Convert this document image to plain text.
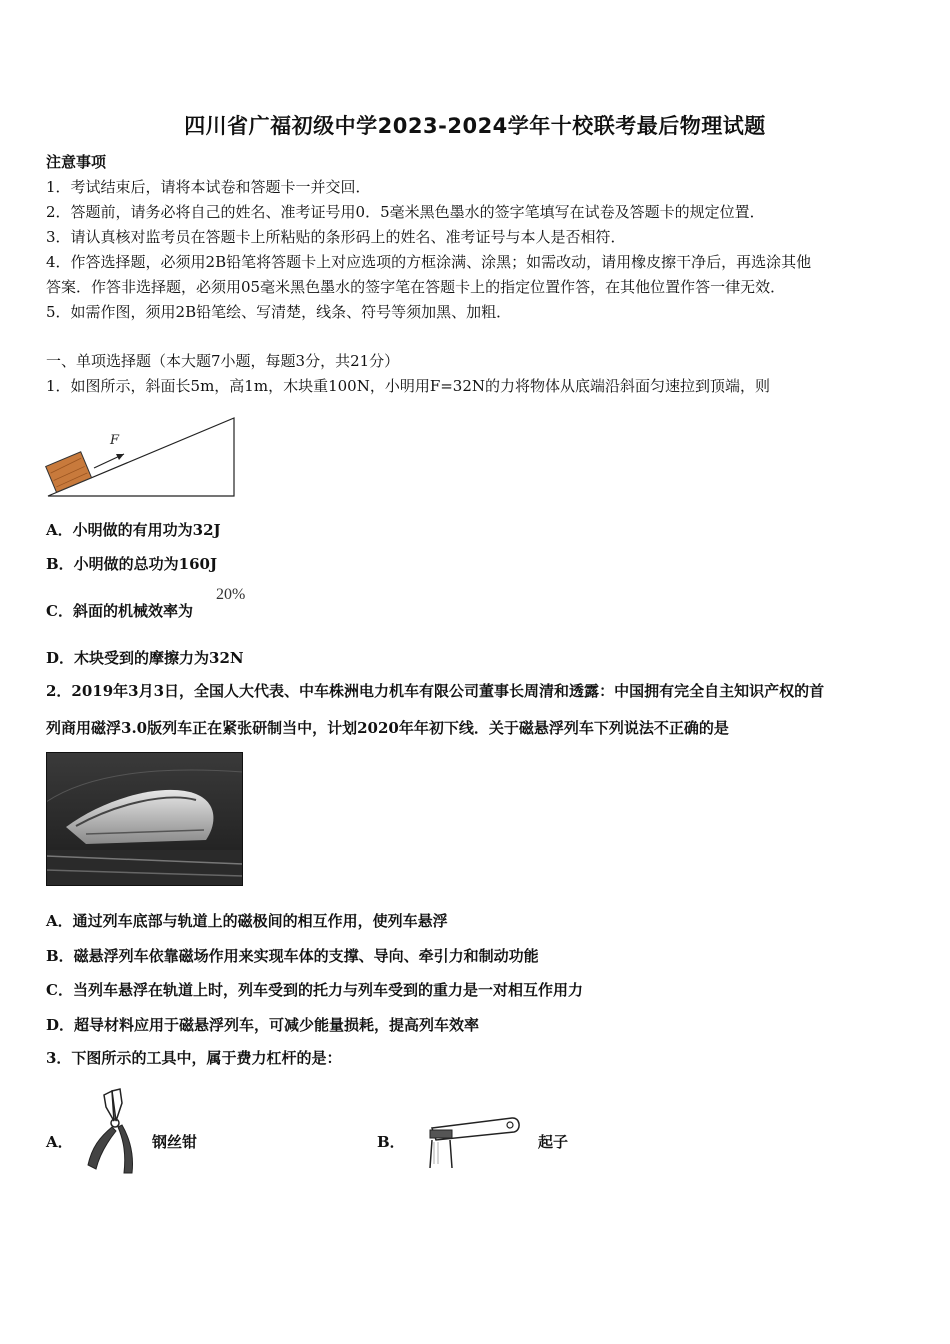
四川省广福初级中学2023-2024学年十校联考最后物理试题
注意事项
1．考试结束后，请将本试卷和答题卡一并交回．
2．答题前，请务必将自己的姓名、准考证号用0．5毫米黑色墨水的签字笔填写在试卷及答题卡的规定位置．
3．请认真核对监考员在答题卡上所粘贴的条形码上的姓名、准考证号与本人是否相符．
4．作答选择题，必须用2B铅笔将答题卡上对应选项的方框涂满、涂黑；如需改动，请用橡皮擦干净后，再选涂其他
答案．作答非选择题，必须用05毫米黑色墨水的签字笔在答题卡上的指定位置作答，在其他位置作答一律无效．
5．如需作图，须用2B铅笔绘、写清楚，线条、符号等须加黑、加粗．
一、单项选择题（本大题7小题，每题3分，共21分）
1．如图所示，斜面长5m，高1m，木块重100N，小明用F=32N的力将物体从底端沿斜面匀速拉到顶端，则
F
A．小明做的有用功为32J
B．小明做的总功为160J
C．斜面的机械效率为
20%
D．木块受到的摩擦力为32N
2．2019年3月3日，全国人大代表、中车株洲电力机车有限公司董事长周清和透露：中国拥有完全自主知识产权的首
列商用磁浮3.0版列车正在紧张研制当中，计划2020年年初下线．关于磁悬浮列车下列说法不正确的是
A．通过列车底部与轨道上的磁极间的相互作用，使列车悬浮
B．磁悬浮列车依靠磁场作用来实现车体的支撑、导向、牵引力和制动功能
C．当列车悬浮在轨道上时，列车受到的托力与列车受到的重力是一对相互作用力
D．超导材料应用于磁悬浮列车，可减少能量损耗，提高列车效率
3．下图所示的工具中，属于费力杠杆的是：
A．	钢丝钳	B．	起子
